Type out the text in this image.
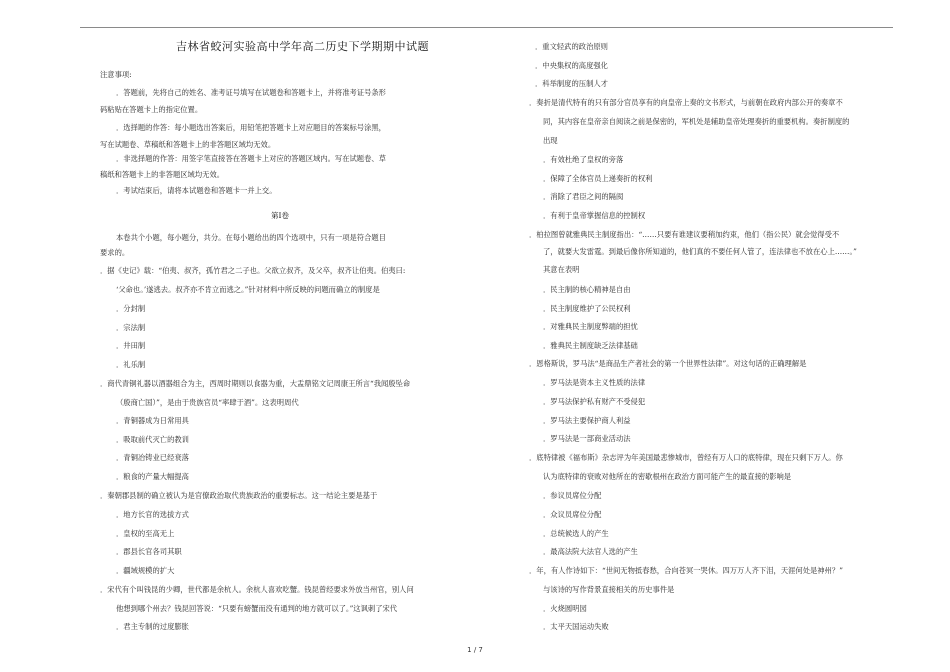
吉林省蛟河实验高中学年高二历史下学期期中试题
注意事项:
．答题前，先将自己的姓名、准考证号填写在试题卷和答题卡上，并将准考证号条形
码粘贴在答题卡上的指定位置。
．选择题的作答：每小题选出答案后，用铅笔把答题卡上对应题目的答案标号涂黑，
写在试题卷、草稿纸和答题卡上的非答题区域均无效。
．非选择题的作答：用签字笔直接答在答题卡上对应的答题区域内。写在试题卷、草
稿纸和答题卡上的非答题区域均无效。
．考试结束后，请将本试题卷和答题卡一并上交。
第Ⅰ卷
本卷共个小题，每小题分，共分。在每小题给出的四个选项中，只有一项是符合题目
要求的。
．据《史记》载：“伯夷、叔齐，孤竹君之二子也。父欲立叔齐，及父卒，叔齐让伯夷。伯夷曰:
‘父命也。’遂逃去。叔齐亦不肯立而逃之。”针对材料中所反映的问题而确立的制度是
．分封制
．宗法制
．井田制
．礼乐制
．商代青铜礼器以酒器组合为主，西周时期则以食器为重，大盂鼎铭文记周康王所言“我闻殷坠命
（殷商亡国）”，是由于贵族官员“率肆于酒”。这表明周代
．青铜器成为日常用具
．吸取前代灭亡的教训
．青铜冶铸业已经衰落
．粮食的产量大幅提高
．秦朝郡县制的确立被认为是官僚政治取代贵族政治的重要标志。这一结论主要是基于
．地方长官的选拔方式
．皇权的至高无上
．郡县长官各司其职
．疆域规模的扩大
．宋代有个叫钱昆的少卿，世代都是余杭人。余杭人喜欢吃蟹。钱昆曾经要求外放当州官，别人问
他想到哪个州去？钱昆回答说：“只要有螃蟹而没有通判的地方就可以了。”这讽刺了宋代
．君主专制的过度膨胀
．重文轻武的政治原则
．中央集权的高度强化
．科举制度的压制人才
．奏折是清代特有的只有部分官员享有的向皇帝上奏的文书形式，与前朝在政府内部公开的奏章不
同，其内容在皇帝亲自阅读之前是保密的，军机处是辅助皇帝处理奏折的重要机构。奏折制度的
出现
．有效杜绝了皇权的旁落
．保障了全体官员上递奏折的权利
．消除了君臣之间的隔阂
．有利于皇帝掌握信息的控制权
．柏拉图曾就雅典民主制度指出：“……只要有谁建议要稍加约束，他们（指公民）就会觉得受不
了，就要大发雷霆。到最后像你所知道的，他们真的不要任何人管了，连法律也不放在心上……。”
其意在表明
．民主制的核心精神是自由
．民主制度维护了公民权利
．对雅典民主制度弊端的担忧
．雅典民主制度缺乏法律基础
．恩格斯说，罗马法“是商品生产者社会的第一个世界性法律”。对这句话的正确理解是
．罗马法是资本主义性质的法律
．罗马法保护私有财产不受侵犯
．罗马法主要保护商人利益
．罗马法是一部商业活动法
．底特律被《福布斯》杂志评为年美国最悲惨城市，曾经有万人口的底特律，现在只剩下万人。你
认为底特律的衰败对他所在的密歇根州在政治方面可能产生的最直接的影响是
．参议员席位分配
．众议员席位分配
．总统候选人的产生
．最高法院大法官人选的产生
．年，有人作诗如下：“世间无物抵春愁，合向苍冥一哭休。四万万人齐下泪，天涯何处是神州？”
与该诗的写作背景直接相关的历史事件是
．火烧圆明园
．太平天国运动失败
1 / 7
